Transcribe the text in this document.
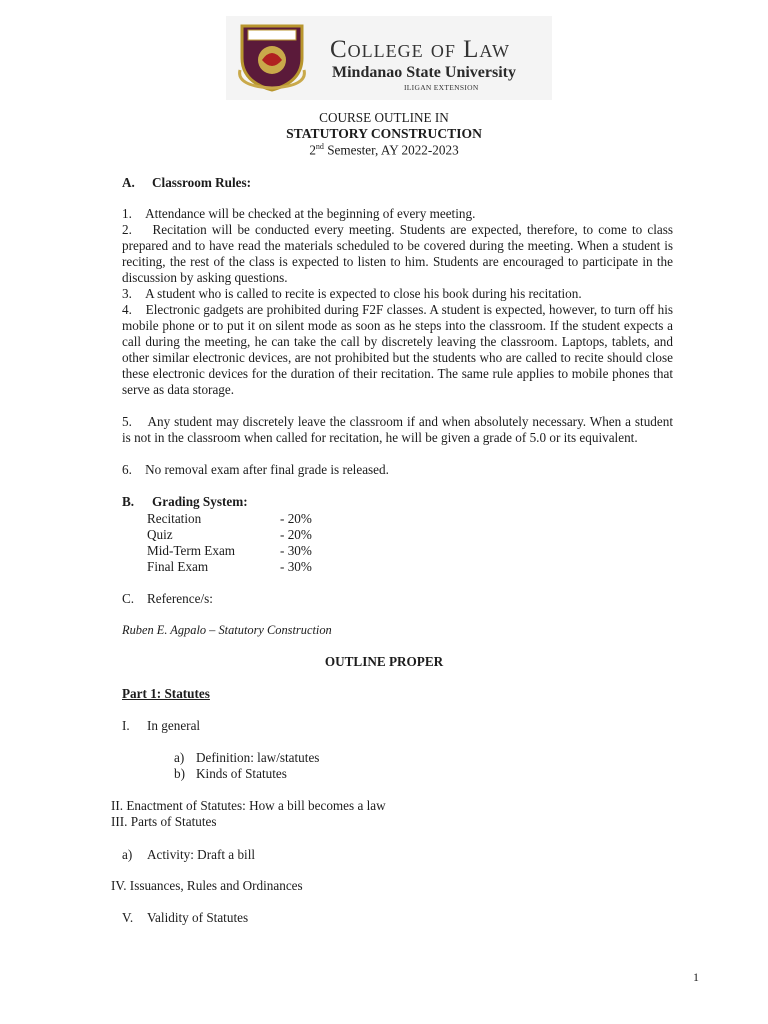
College of Law
Mindanao State University
ILIGAN EXTENSION
COURSE OUTLINE IN
STATUTORY CONSTRUCTION
2nd Semester, AY 2022-2023
A. Classroom Rules:
1. Attendance will be checked at the beginning of every meeting.
2. Recitation will be conducted every meeting. Students are expected, therefore, to come to class prepared and to have read the materials scheduled to be covered during the meeting. When a student is reciting, the rest of the class is expected to listen to him. Students are encouraged to participate in the discussion by asking questions.
3. A student who is called to recite is expected to close his book during his recitation.
4. Electronic gadgets are prohibited during F2F classes. A student is expected, however, to turn off his mobile phone or to put it on silent mode as soon as he steps into the classroom. If the student expects a call during the meeting, he can take the call by discretely leaving the classroom. Laptops, tablets, and other similar electronic devices, are not prohibited but the students who are called to recite should close these electronic devices for the duration of their recitation. The same rule applies to mobile phones that serve as data storage.
5. Any student may discretely leave the classroom if and when absolutely necessary. When a student is not in the classroom when called for recitation, he will be given a grade of 5.0 or its equivalent.
6. No removal exam after final grade is released.
B. Grading System:
Recitation	- 20%
Quiz	- 20%
Mid-Term Exam	- 30%
Final Exam	- 30%
C. Reference/s:
Ruben E. Agpalo – Statutory Construction
OUTLINE PROPER
Part 1: Statutes
I. In general
a) Definition: law/statutes
b) Kinds of Statutes
II. Enactment of Statutes: How a bill becomes a law
III. Parts of Statutes
a) Activity: Draft a bill
IV. Issuances, Rules and Ordinances
V. Validity of Statutes
1
